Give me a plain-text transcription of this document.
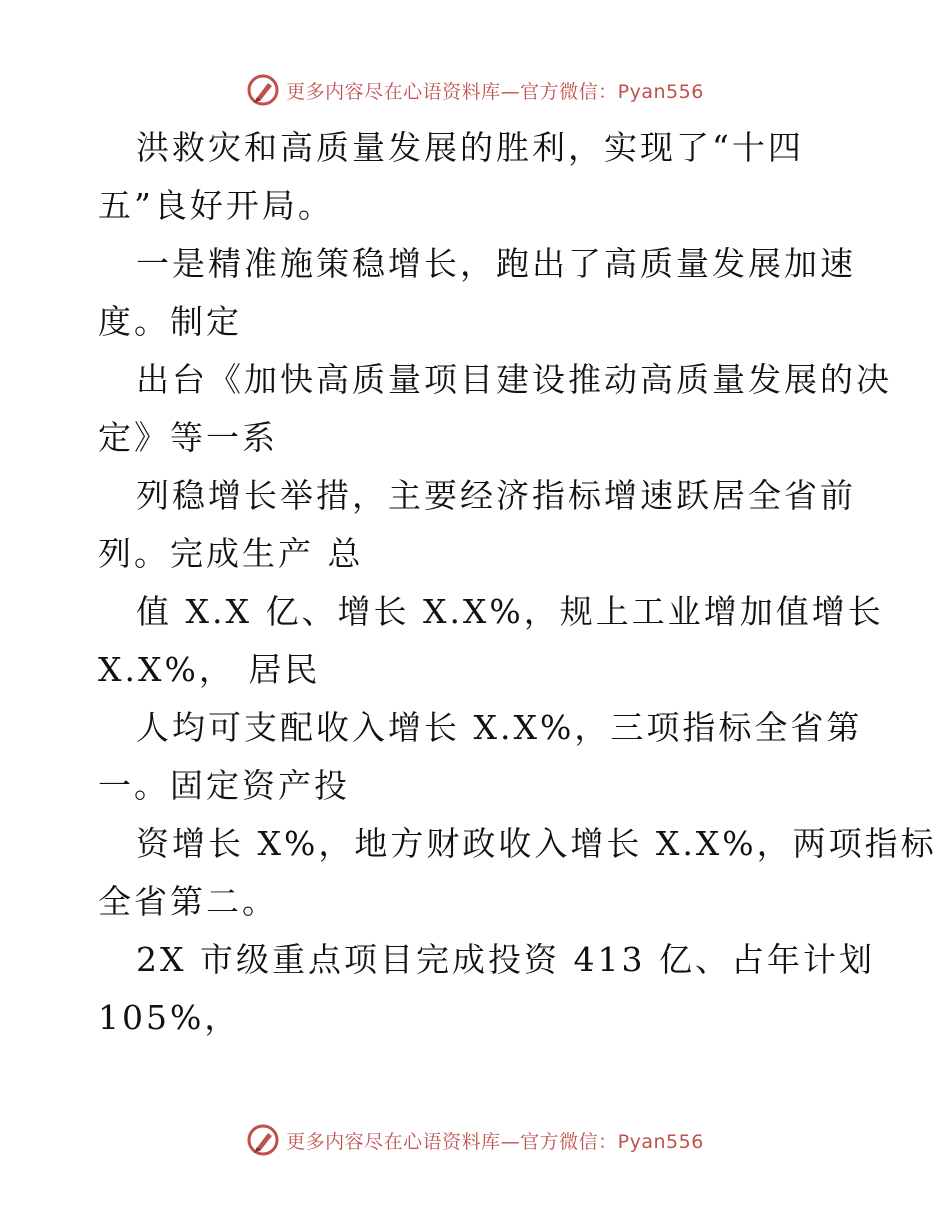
更多内容尽在心语资料库—官方微信：Pyan556
洪救灾和高质量发展的胜利，实现了“十四
五”良好开局。
一是精准施策稳增长，跑出了高质量发展加速
度。制定
出台《加快高质量项目建设推动高质量发展的决
定》等一系
列稳增长举措，主要经济指标增速跃居全省前
列。完成生产 总
值 X.X 亿、增长 X.X%，规上工业增加值增长
X.X%， 居民
人均可支配收入增长 X.X%，三项指标全省第
一。固定资产投
资增长 X%，地方财政收入增长 X.X%，两项指标
全省第二。
2X 市级重点项目完成投资 413 亿、占年计划
105%，
更多内容尽在心语资料库—官方微信：Pyan556
